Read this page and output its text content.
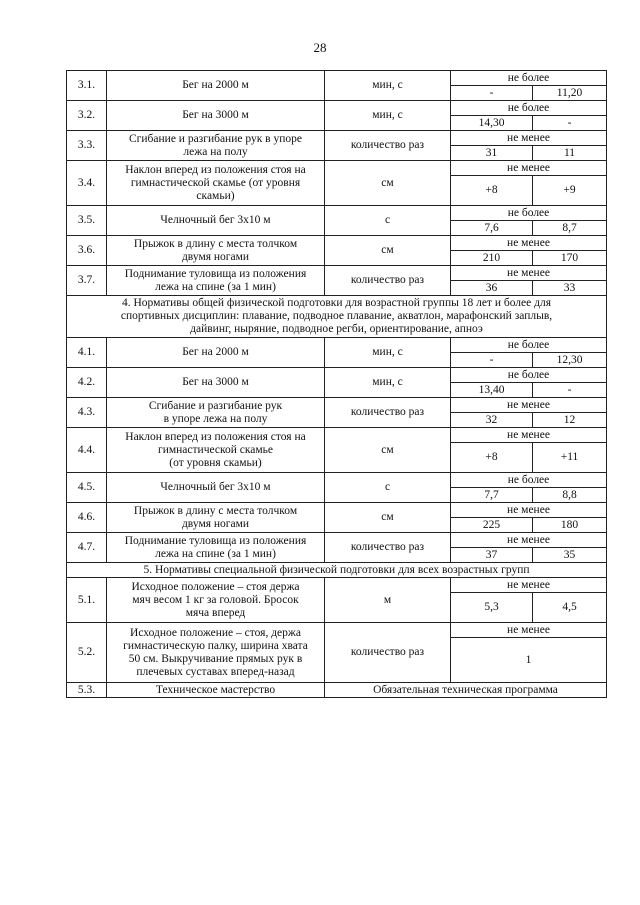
28
3.1.	Бег на 2000 м	мин, с	не более	
			-	11,20
3.2.	Бег на 3000 м	мин, с	не более	
			14,30	-
3.3.	Сгибание и разгибание рук в упоре
лежа на полу	количество раз	не менее	
			31	11
3.4.	Наклон вперед из положения стоя на
гимнастической скамье (от уровня
скамьи)	см	не менее	
			+8	+9
3.5.	Челночный бег 3х10 м	с	не более	
			7,6	8,7
3.6.	Прыжок в длину с места толчком
двумя ногами	см	не менее	
			210	170
3.7.	Поднимание туловища из положения
лежа на спине (за 1 мин)	количество раз	не менее	
			36	33
4. Нормативы общей физической подготовки для возрастной группы 18 лет и более для
спортивных дисциплин: плавание, подводное плавание, акватлон, марафонский заплыв,
дайвинг, ныряние, подводное регби, ориентирование, апноэ				
4.1.	Бег на 2000 м	мин, с	не более	
			-	12,30
4.2.	Бег на 3000 м	мин, с	не более	
			13,40	-
4.3.	Сгибание и разгибание рук
в упоре лежа на полу	количество раз	не менее	
			32	12
4.4.	Наклон вперед из положения стоя на
гимнастической скамье
(от уровня скамьи)	см	не менее	
			+8	+11
4.5.	Челночный бег 3х10 м	с	не более	
			7,7	8,8
4.6.	Прыжок в длину с места толчком
двумя ногами	см	не менее	
			225	180
4.7.	Поднимание туловища из положения
лежа на спине (за 1 мин)	количество раз	не менее	
			37	35
5. Нормативы специальной физической подготовки для всех возрастных групп				
5.1.	Исходное положение – стоя держа
мяч весом 1 кг за головой. Бросок
мяча вперед	м	не менее	
			5,3	4,5
5.2.	Исходное положение – стоя, держа
гимнастическую палку, ширина хвата
50 см. Выкручивание прямых рук в
плечевых суставах вперед-назад	количество раз	не менее	
			1	
5.3.	Техническое мастерство	Обязательная техническая программа		
